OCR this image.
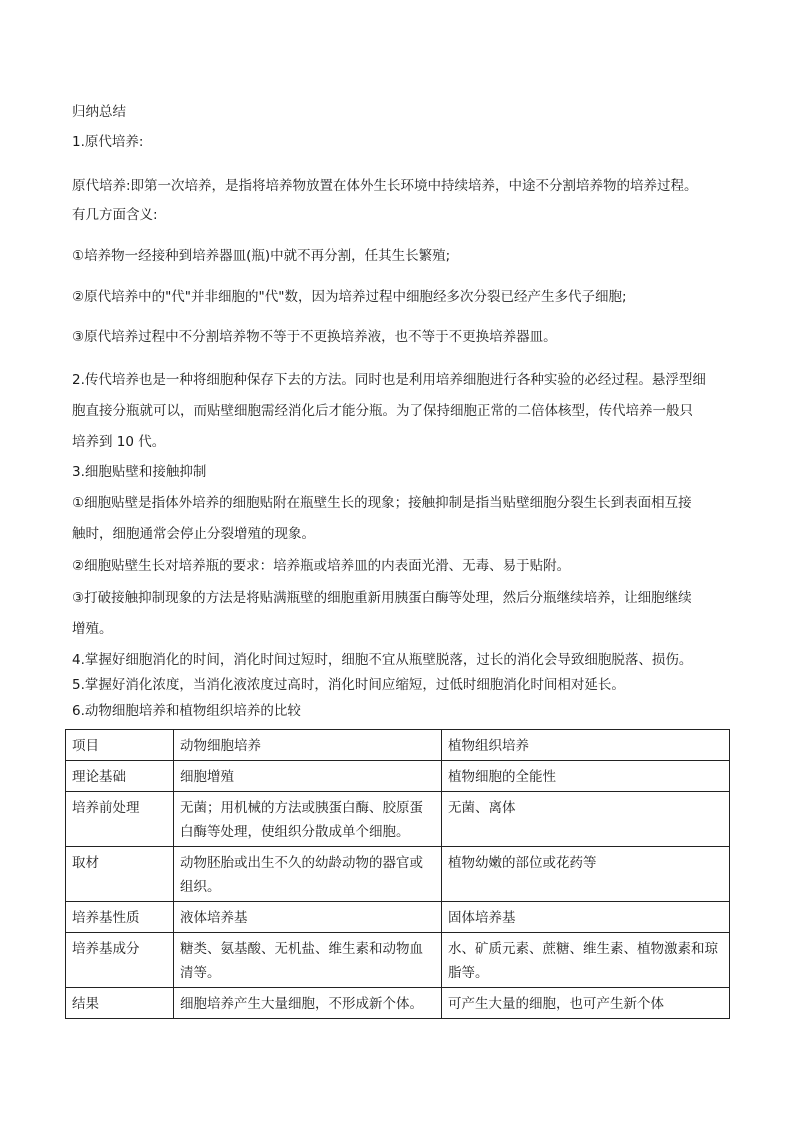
归纳总结
1.原代培养:
原代培养:即第一次培养，是指将培养物放置在体外生长环境中持续培养，中途不分割培养物的培养过程。
有几方面含义:
①培养物一经接种到培养器皿(瓶)中就不再分割，任其生长繁殖;
②原代培养中的"代"并非细胞的"代"数，因为培养过程中细胞经多次分裂已经产生多代子细胞;
③原代培养过程中不分割培养物不等于不更换培养液，也不等于不更换培养器皿。
2.传代培养也是一种将细胞种保存下去的方法。同时也是利用培养细胞进行各种实验的必经过程。悬浮型细
胞直接分瓶就可以，而贴壁细胞需经消化后才能分瓶。为了保持细胞正常的二倍体核型，传代培养一般只
培养到 10 代。
3.细胞贴壁和接触抑制
①细胞贴壁是指体外培养的细胞贴附在瓶壁生长的现象；接触抑制是指当贴壁细胞分裂生长到表面相互接
触时，细胞通常会停止分裂增殖的现象。
②细胞贴壁生长对培养瓶的要求：培养瓶或培养皿的内表面光滑、无毒、易于贴附。
③打破接触抑制现象的方法是将贴满瓶壁的细胞重新用胰蛋白酶等处理，然后分瓶继续培养，让细胞继续
增殖。
4.掌握好细胞消化的时间，消化时间过短时，细胞不宜从瓶壁脱落，过长的消化会导致细胞脱落、损伤。
5.掌握好消化浓度，当消化液浓度过高时，消化时间应缩短，过低时细胞消化时间相对延长。
6.动物细胞培养和植物组织培养的比较
项目	动物细胞培养	植物组织培养
理论基础	细胞增殖	植物细胞的全能性
培养前处理	无菌；用机械的方法或胰蛋白酶、胶原蛋白酶等处理，使组织分散成单个细胞。	无菌、离体
取材	动物胚胎或出生不久的幼龄动物的器官或组织。	植物幼嫩的部位或花药等
培养基性质	液体培养基	固体培养基
培养基成分	糖类、氨基酸、无机盐、维生素和动物血清等。	水、矿质元素、蔗糖、维生素、植物激素和琼脂等。
结果	细胞培养产生大量细胞，不形成新个体。	可产生大量的细胞，也可产生新个体
